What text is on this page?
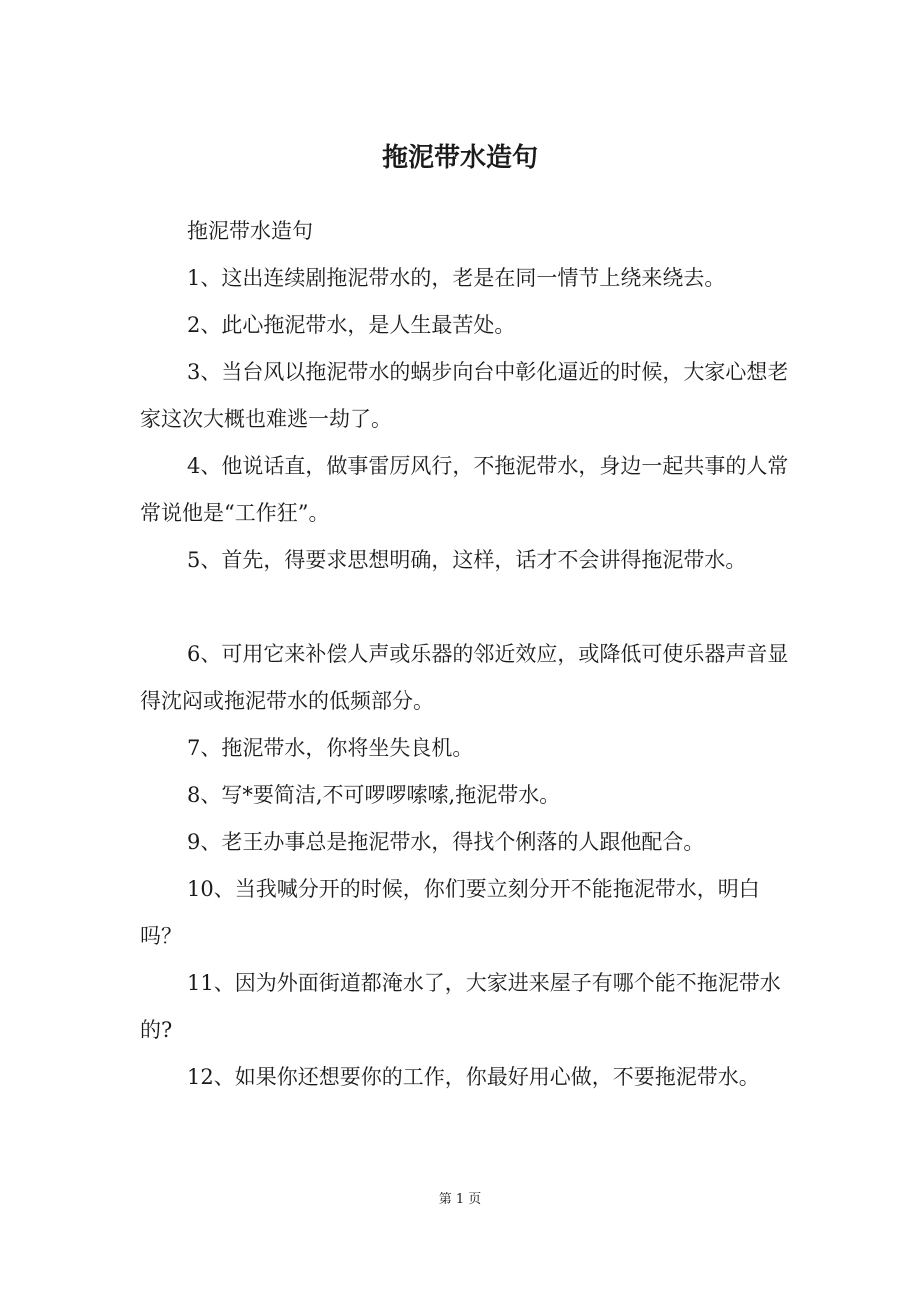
拖泥带水造句

拖泥带水造句

1、这出连续剧拖泥带水的，老是在同一情节上绕来绕去。

2、此心拖泥带水，是人生最苦处。

3、当台风以拖泥带水的蜗步向台中彰化逼近的时候，大家心想老家这次大概也难逃一劫了。

4、他说话直，做事雷厉风行，不拖泥带水，身边一起共事的人常常说他是“工作狂”。

5、首先，得要求思想明确，这样，话才不会讲得拖泥带水。

6、可用它来补偿人声或乐器的邻近效应，或降低可使乐器声音显得沈闷或拖泥带水的低频部分。

7、拖泥带水，你将坐失良机。

8、写*要简洁,不可啰啰嗦嗦,拖泥带水。

9、老王办事总是拖泥带水，得找个俐落的人跟他配合。

10、当我喊分开的时候，你们要立刻分开不能拖泥带水，明白吗？

11、因为外面街道都淹水了，大家进来屋子有哪个能不拖泥带水的?

12、如果你还想要你的工作，你最好用心做，不要拖泥带水。

第 1 页
